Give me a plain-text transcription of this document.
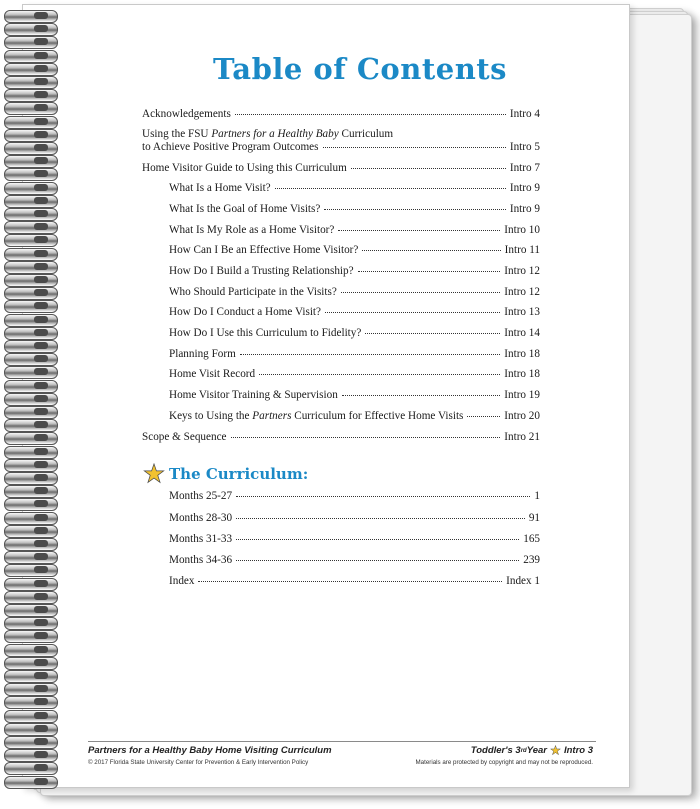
Table of Contents
Acknowledgements	Intro 4
Using the FSU Partners for a Healthy Baby Curriculum
to Achieve Positive Program Outcomes	Intro 5
Home Visitor Guide to Using this Curriculum	Intro 7
What Is a Home Visit?	Intro 9
What Is the Goal of Home Visits?	Intro 9
What Is My Role as a Home Visitor?	Intro 10
How Can I Be an Effective Home Visitor?	Intro 11
How Do I Build a Trusting Relationship?	Intro 12
Who Should Participate in the Visits?	Intro 12
How Do I Conduct a Home Visit?	Intro 13
How Do I Use this Curriculum to Fidelity?	Intro 14
Planning Form	Intro 18
Home Visit Record	Intro 18
Home Visitor Training & Supervision	Intro 19
Keys to Using the Partners Curriculum for Effective Home Visits	Intro 20
Scope & Sequence	Intro 21
Months 25-27	1
Months 28-30	91
Months 31-33	165
Months 34-36	239
Index	Index 1
The Curriculum:
Partners for a Healthy Baby Home Visiting Curriculum
© 2017 Florida State University Center for Prevention & Early Intervention Policy
Toddler's 3 rd Year Intro 3
Materials are protected by copyright and may not be reproduced.
